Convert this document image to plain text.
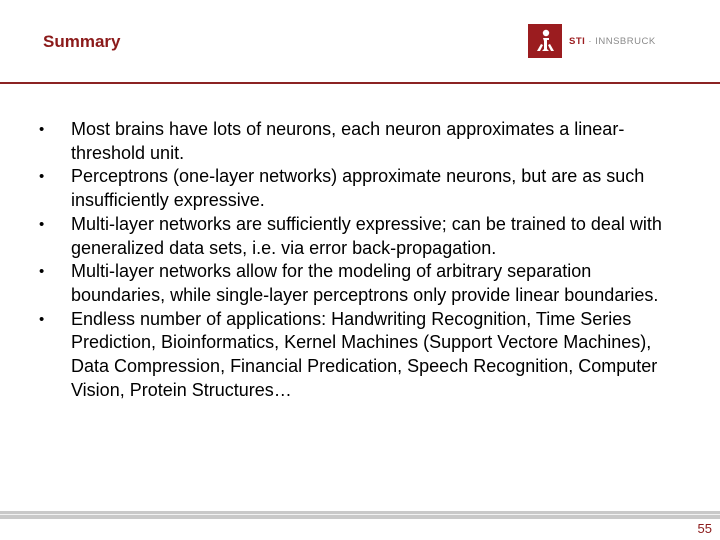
Summary	STI · INNSBRUCK
• Most brains have lots of neurons, each neuron approximates a linear-threshold unit.
• Perceptrons (one-layer networks) approximate neurons, but are as such insufficiently expressive.
• Multi-layer networks are sufficiently expressive; can be trained to deal with generalized data sets, i.e. via error back-propagation.
• Multi-layer networks allow for the modeling of arbitrary separation boundaries, while single-layer perceptrons only provide linear boundaries.
• Endless number of applications: Handwriting Recognition, Time Series Prediction, Bioinformatics, Kernel Machines (Support Vectore Machines), Data Compression, Financial Predication, Speech Recognition, Computer Vision, Protein Structures…
55
